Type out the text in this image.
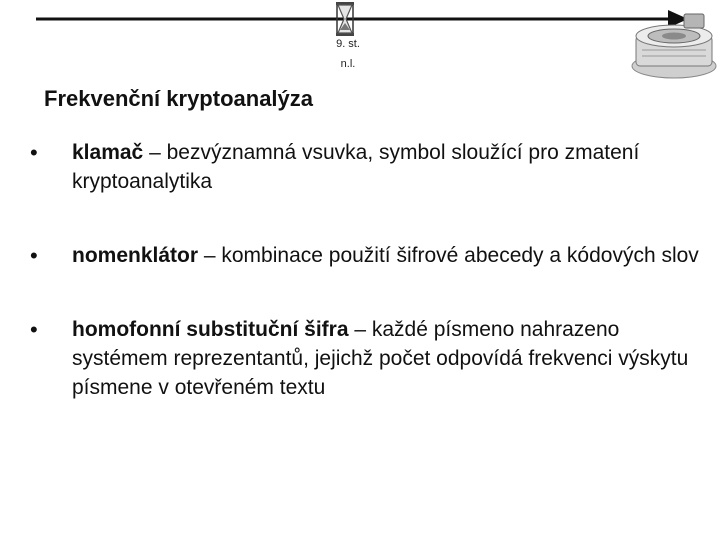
9. st.
n.l.
Frekvenční kryptoanalýza
• klamač – bezvýznamná vsuvka, symbol sloužící pro zmatení kryptoanalytika
• nomenklátor – kombinace použití šifrové abecedy a kódových slov
• homofonní substituční šifra – každé písmeno nahrazeno systémem reprezentantů, jejichž počet odpovídá frekvenci výskytu písmene v otevřeném textu
